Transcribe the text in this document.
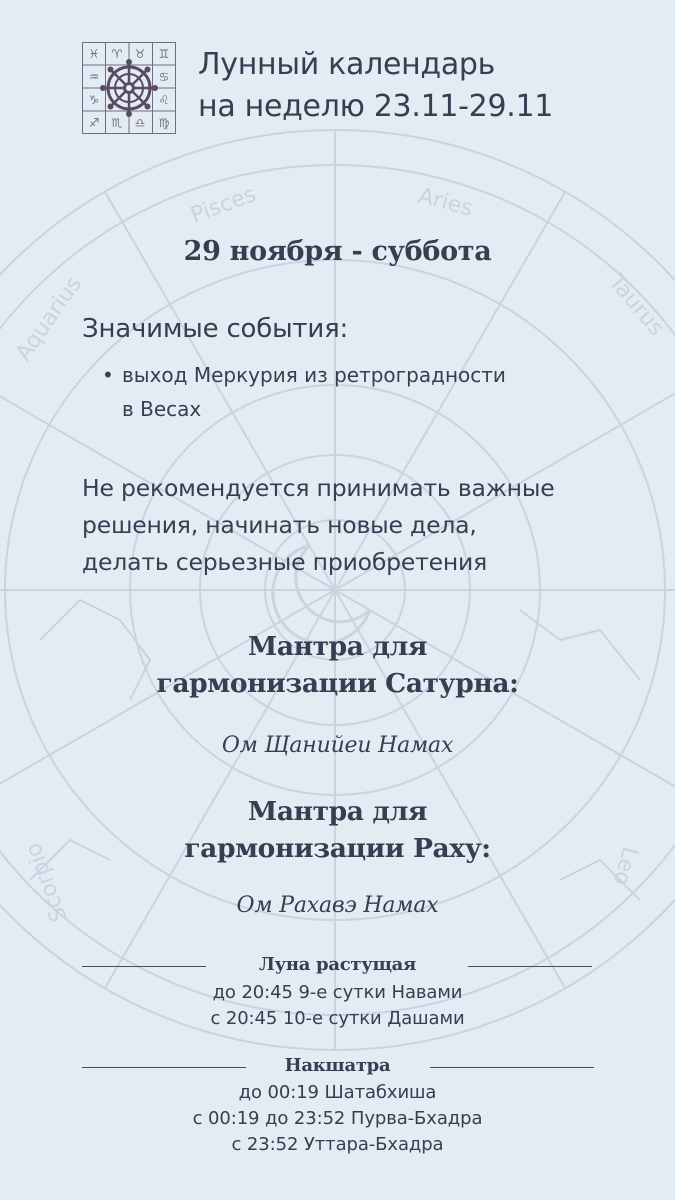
Pisces	Aries
Taurus
Aquarius
Scorpio	Leo
♓ ♈ ♉ ♊
♒	♋
♑	♌
♐ ♏ ♎ ♍
Лунный календарь
на неделю 23.11-29.11
29 ноября - суббота
Значимые события:
• выход Меркурия из ретроградности
в Весах
Не рекомендуется принимать важные
решения, начинать новые дела,
делать серьезные приобретения
Мантра для
гармонизации Сатурна:
Ом Щанийеи Намах
Мантра для
гармонизации Раху:
Ом Рахавэ Намах
Луна растущая
до 20:45 9-е сутки Навами
с 20:45 10-е сутки Дашами
Накшатра
до 00:19 Шатабхиша
с 00:19 до 23:52 Пурва-Бхадра
с 23:52 Уттара-Бхадра
